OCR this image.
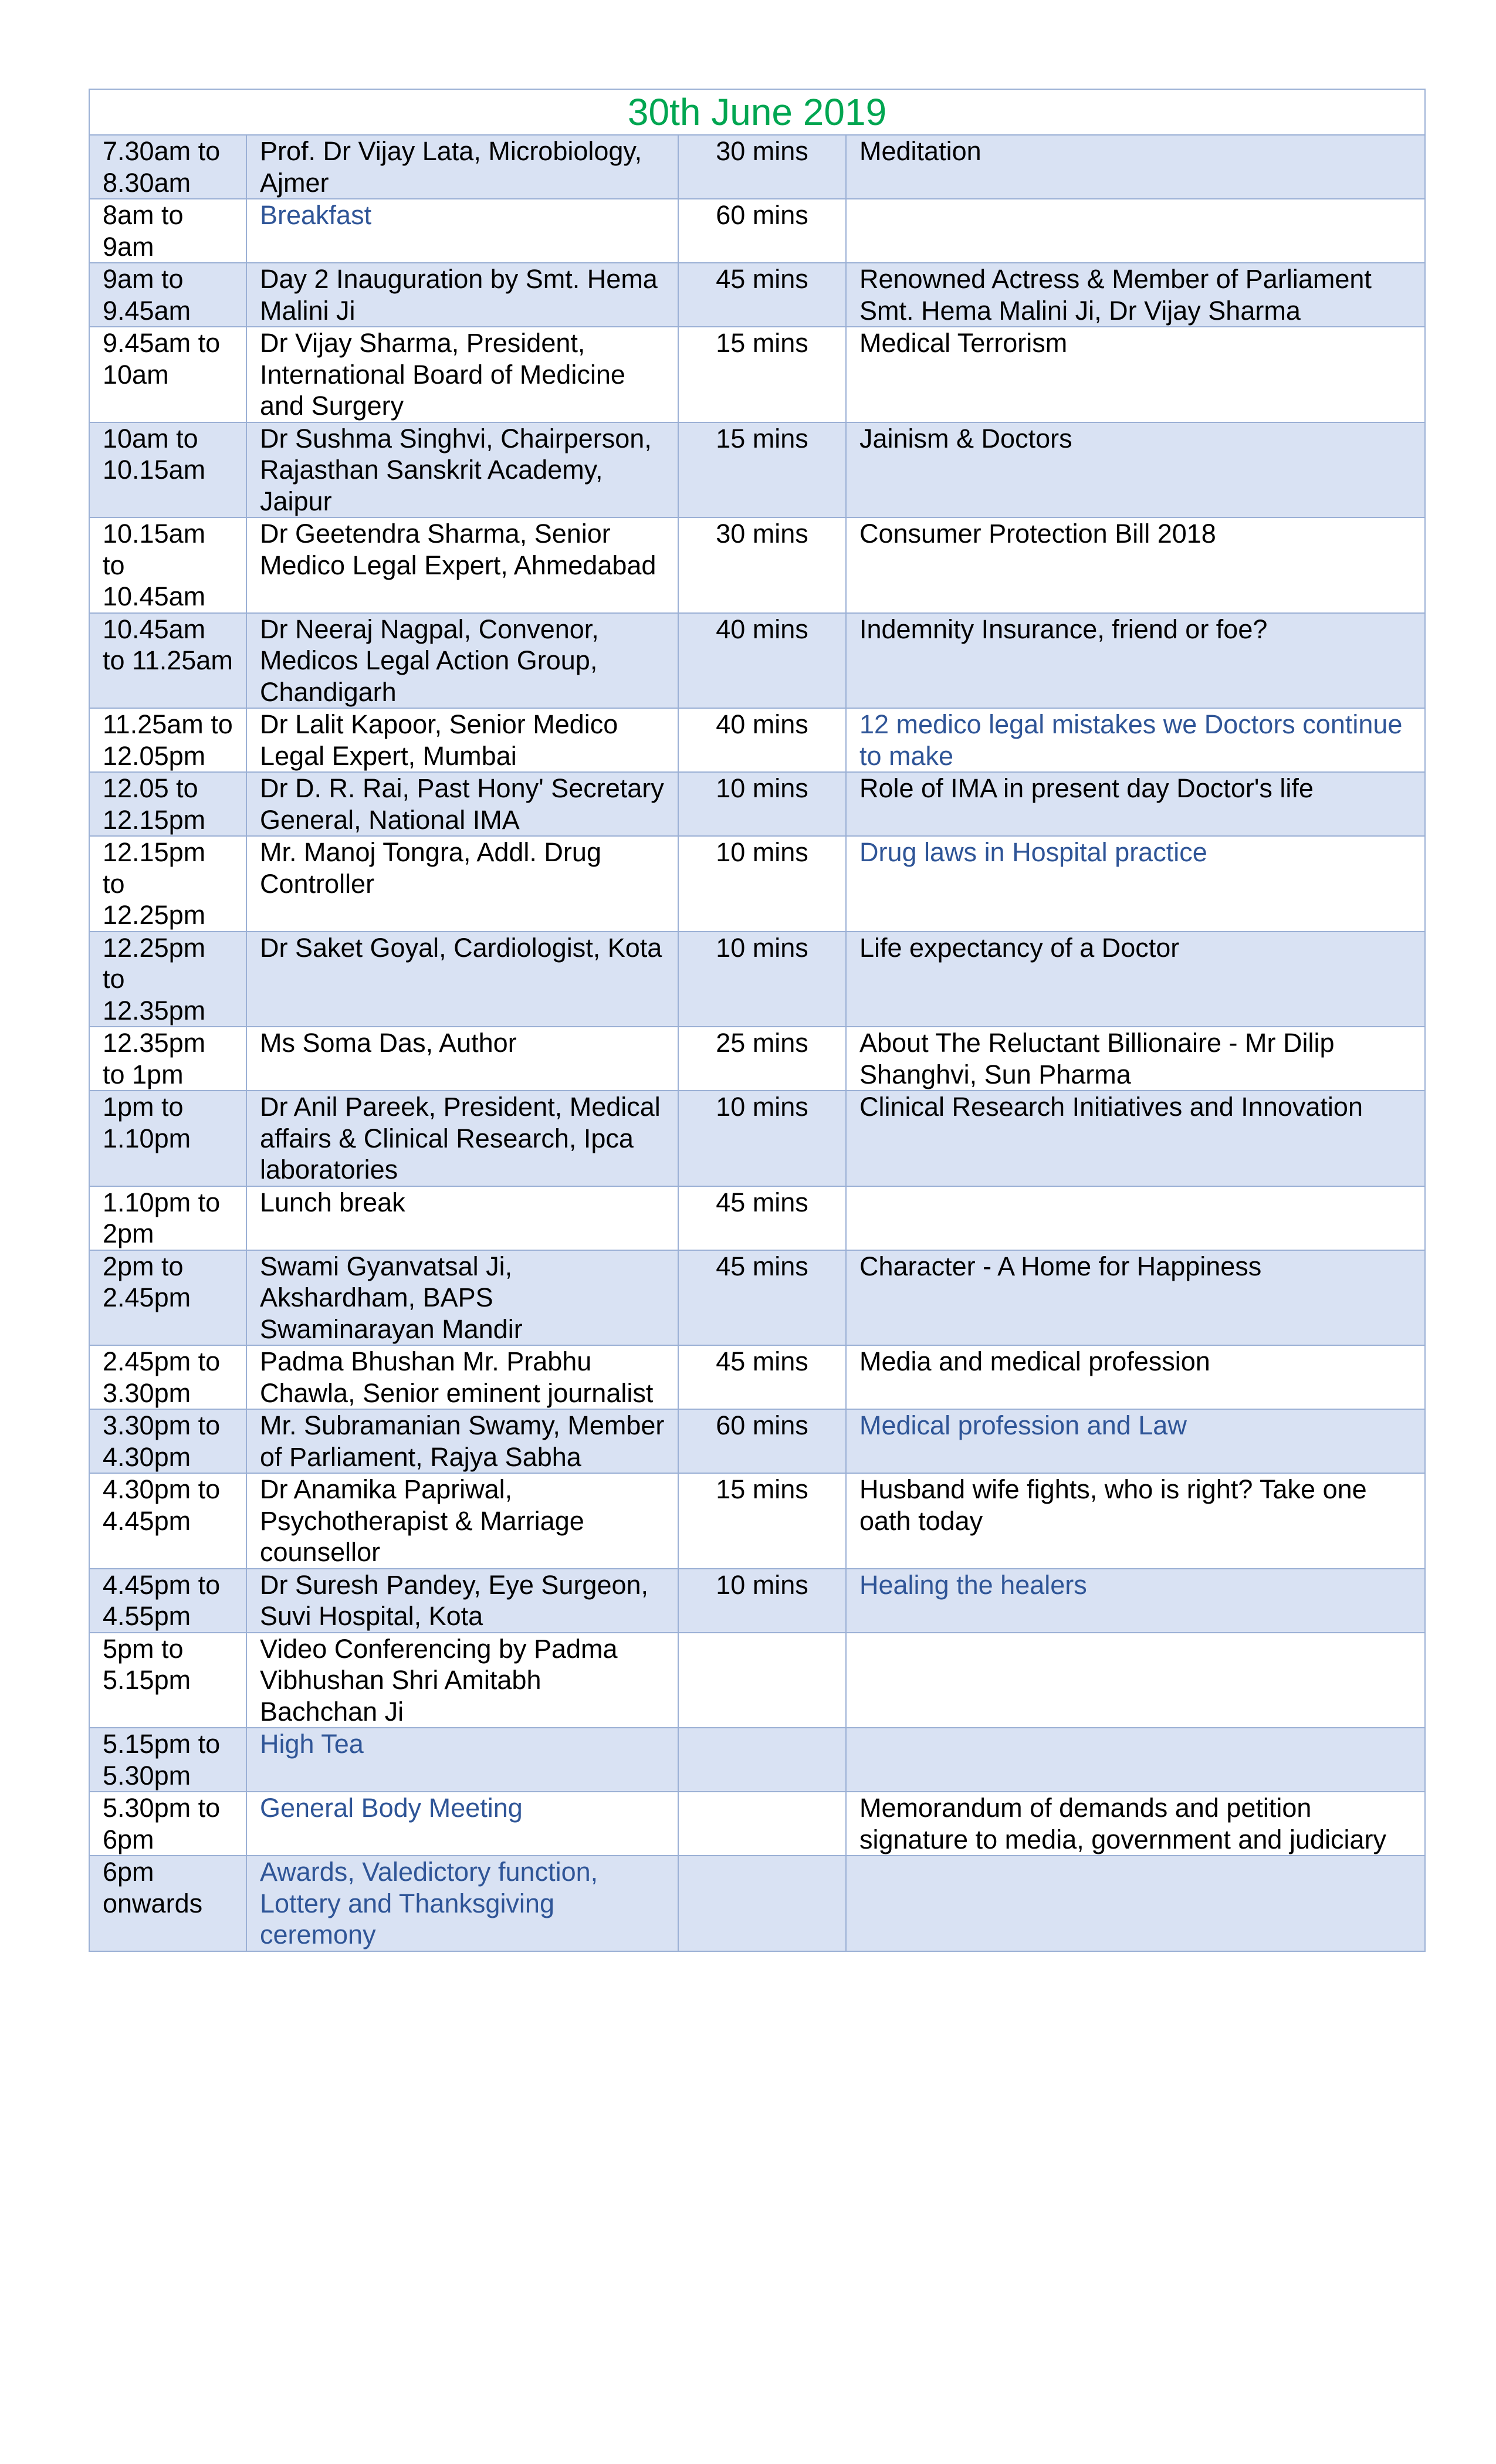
30th June 2019			
7.30am to 8.30am	Prof. Dr Vijay Lata, Microbiology, Ajmer	30 mins	Meditation
8am to 9am	Breakfast	60 mins	
9am to 9.45am	Day 2 Inauguration by Smt. Hema Malini Ji	45 mins	Renowned Actress & Member of Parliament Smt. Hema Malini Ji, Dr Vijay Sharma
9.45am to 10am	Dr Vijay Sharma, President, International Board of Medicine and Surgery	15 mins	Medical Terrorism
10am to 10.15am	Dr Sushma Singhvi, Chairperson, Rajasthan Sanskrit Academy, Jaipur	15 mins	Jainism & Doctors
10.15am to 10.45am	Dr Geetendra Sharma, Senior Medico Legal Expert, Ahmedabad	30 mins	Consumer Protection Bill 2018
10.45am to 11.25am	Dr Neeraj Nagpal, Convenor, Medicos Legal Action Group, Chandigarh	40 mins	Indemnity Insurance, friend or foe?
11.25am to 12.05pm	Dr Lalit Kapoor, Senior Medico Legal Expert, Mumbai	40 mins	12 medico legal mistakes we Doctors continue to make
12.05 to 12.15pm	Dr D. R. Rai, Past Hony' Secretary General, National IMA	10 mins	Role of IMA in present day Doctor's life
12.15pm to 12.25pm	Mr. Manoj Tongra, Addl. Drug Controller	10 mins	Drug laws in Hospital practice
12.25pm to 12.35pm	Dr Saket Goyal, Cardiologist, Kota	10 mins	Life expectancy of a Doctor
12.35pm to 1pm	Ms Soma Das, Author	25 mins	About The Reluctant Billionaire - Mr Dilip Shanghvi, Sun Pharma
1pm to 1.10pm	Dr Anil Pareek, President, Medical affairs & Clinical Research, Ipca laboratories	10 mins	Clinical Research Initiatives and Innovation
1.10pm to 2pm	Lunch break	45 mins	
2pm to 2.45pm	Swami Gyanvatsal Ji, Akshardham, BAPS Swaminarayan Mandir	45 mins	Character - A Home for Happiness
2.45pm to 3.30pm	Padma Bhushan Mr. Prabhu Chawla, Senior eminent journalist	45 mins	Media and medical profession
3.30pm to 4.30pm	Mr. Subramanian Swamy, Member of Parliament, Rajya Sabha	60 mins	Medical profession and Law
4.30pm to 4.45pm	Dr Anamika Papriwal, Psychotherapist & Marriage counsellor	15 mins	Husband wife fights, who is right? Take one oath today
4.45pm to 4.55pm	Dr Suresh Pandey, Eye Surgeon, Suvi Hospital, Kota	10 mins	Healing the healers
5pm to 5.15pm	Video Conferencing by Padma Vibhushan Shri Amitabh Bachchan Ji		
5.15pm to 5.30pm	High Tea		
5.30pm to 6pm	General Body Meeting		Memorandum of demands and petition signature to media, government and judiciary
6pm onwards	Awards, Valedictory function, Lottery and Thanksgiving ceremony		
